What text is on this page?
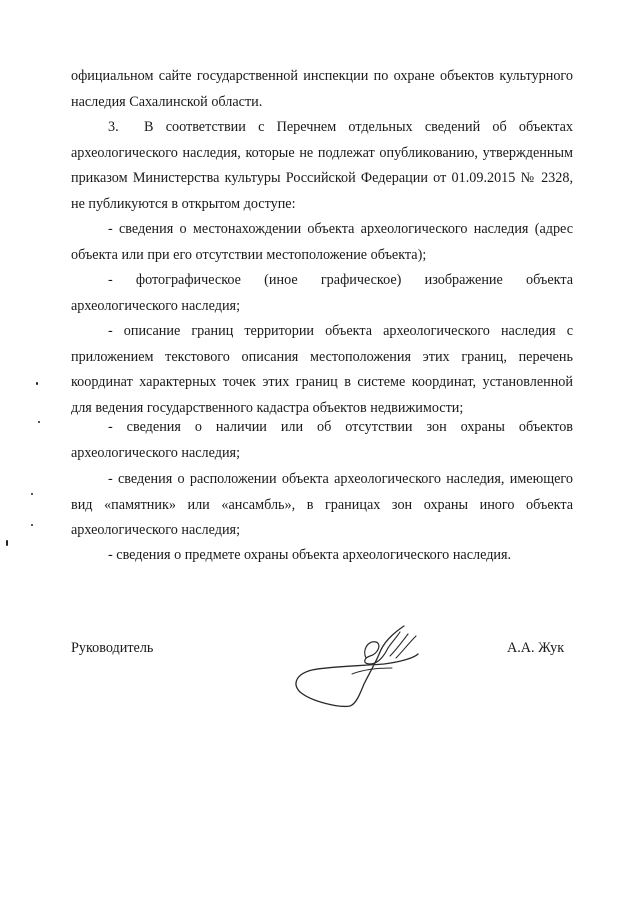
официальном сайте государственной инспекции по охране объектов культурного наследия Сахалинской области.

3. В соответствии с Перечнем отдельных сведений об объектах археологического наследия, которые не подлежат опубликованию, утвержденным приказом Министерства культуры Российской Федерации от 01.09.2015 № 2328, не публикуются в открытом доступе:

- сведения о местонахождении объекта археологического наследия (адрес объекта или при его отсутствии местоположение объекта);

- фотографическое (иное графическое) изображение объекта археологического наследия;

- описание границ территории объекта археологического наследия с приложением текстового описания местоположения этих границ, перечень координат характерных точек этих границ в системе координат, установленной для ведения государственного кадастра объектов недвижимости;

- сведения о наличии или об отсутствии зон охраны объектов археологического наследия;

- сведения о расположении объекта археологического наследия, имеющего вид «памятник» или «ансамбль», в границах зон охраны иного объекта археологического наследия;

- сведения о предмете охраны объекта археологического наследия.

Руководитель	А.А. Жук
